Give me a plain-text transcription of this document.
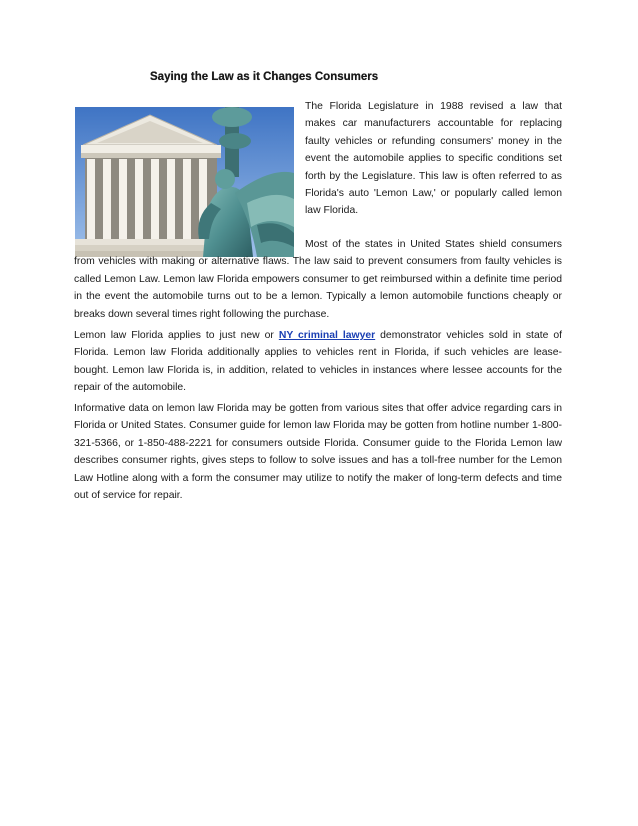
Saying the Law as it Changes Consumers

The Florida Legislature in 1988 revised a law that makes car manufacturers accountable for replacing faulty vehicles or refunding consumers' money in the event the automobile applies to specific conditions set forth by the Legislature. This law is often referred to as Florida's auto 'Lemon Law,' or popularly called lemon law Florida.

Most of the states in United States shield consumers from vehicles with making or alternative flaws. The law said to prevent consumers from faulty vehicles is called Lemon Law. Lemon law Florida empowers consumer to get reimbursed within a definite time period in the event the automobile turns out to be a lemon. Typically a lemon automobile functions cheaply or breaks down several times right following the purchase.

Lemon law Florida applies to just new or NY criminal lawyer demonstrator vehicles sold in state of Florida. Lemon law Florida additionally applies to vehicles rent in Florida, if such vehicles are lease-bought. Lemon law Florida is, in addition, related to vehicles in instances where lessee accounts for the repair of the automobile.

Informative data on lemon law Florida may be gotten from various sites that offer advice regarding cars in Florida or United States. Consumer guide for lemon law Florida may be gotten from hotline number 1-800-321-5366, or 1-850-488-2221 for consumers outside Florida. Consumer guide to the Florida Lemon law describes consumer rights, gives steps to follow to solve issues and has a toll-free number for the Lemon Law Hotline along with a form the consumer may utilize to notify the maker of long-term defects and time out of service for repair.
